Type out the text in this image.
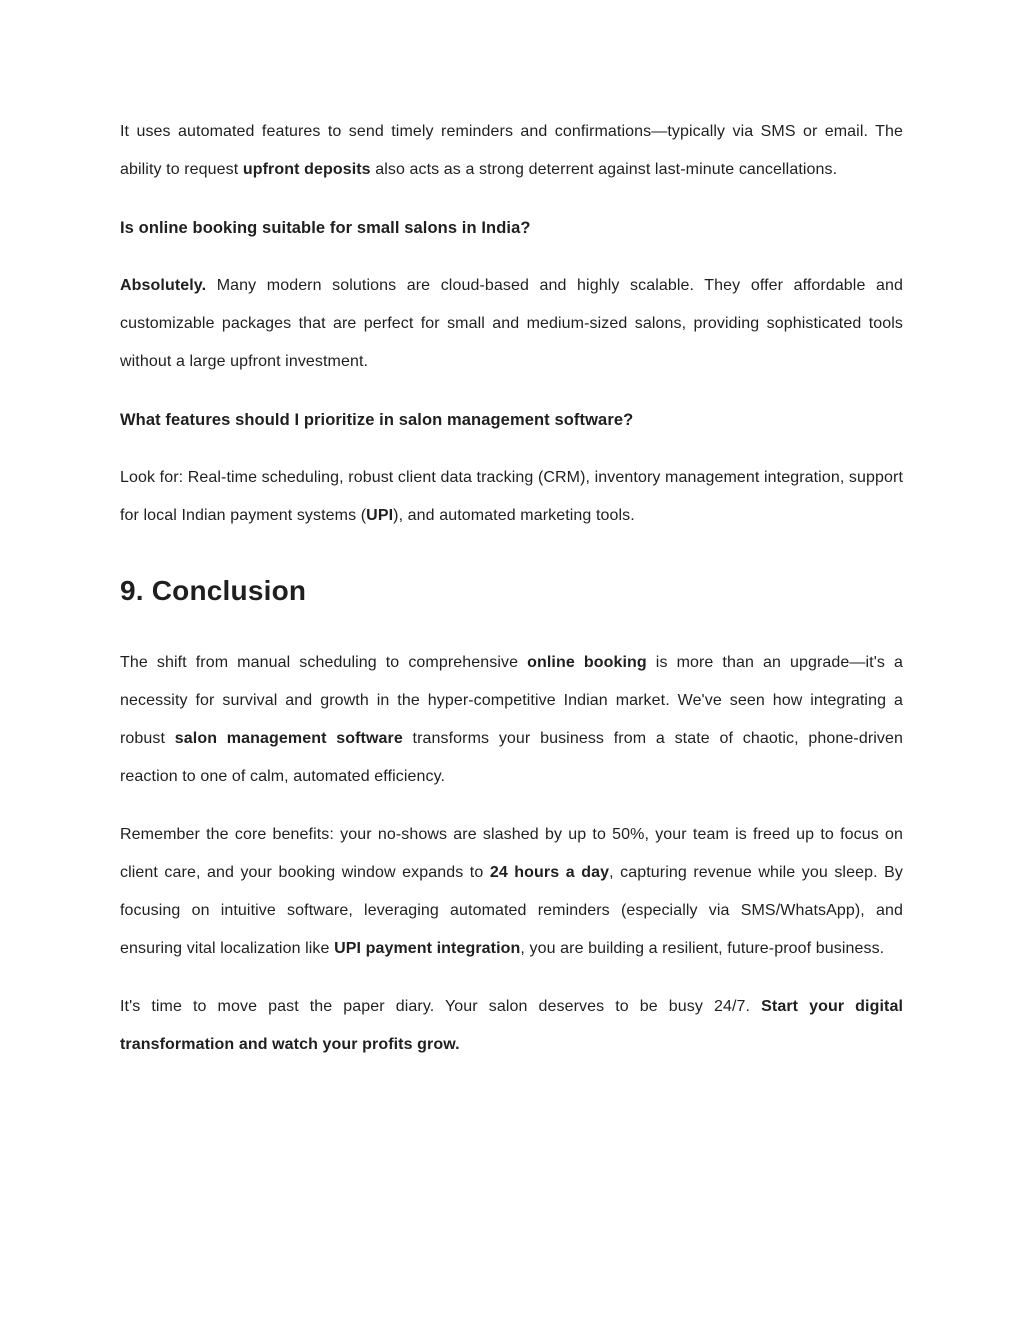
It uses automated features to send timely reminders and confirmations—typically via SMS or email. The ability to request upfront deposits also acts as a strong deterrent against last-minute cancellations.

Is online booking suitable for small salons in India?

Absolutely. Many modern solutions are cloud-based and highly scalable. They offer affordable and customizable packages that are perfect for small and medium-sized salons, providing sophisticated tools without a large upfront investment.

What features should I prioritize in salon management software?

Look for: Real-time scheduling, robust client data tracking (CRM), inventory management integration, support for local Indian payment systems (UPI), and automated marketing tools.

9. Conclusion

The shift from manual scheduling to comprehensive online booking is more than an upgrade—it's a necessity for survival and growth in the hyper-competitive Indian market. We've seen how integrating a robust salon management software transforms your business from a state of chaotic, phone-driven reaction to one of calm, automated efficiency.

Remember the core benefits: your no-shows are slashed by up to 50%, your team is freed up to focus on client care, and your booking window expands to 24 hours a day, capturing revenue while you sleep. By focusing on intuitive software, leveraging automated reminders (especially via SMS/WhatsApp), and ensuring vital localization like UPI payment integration, you are building a resilient, future-proof business.

It's time to move past the paper diary. Your salon deserves to be busy 24/7. Start your digital transformation and watch your profits grow.
